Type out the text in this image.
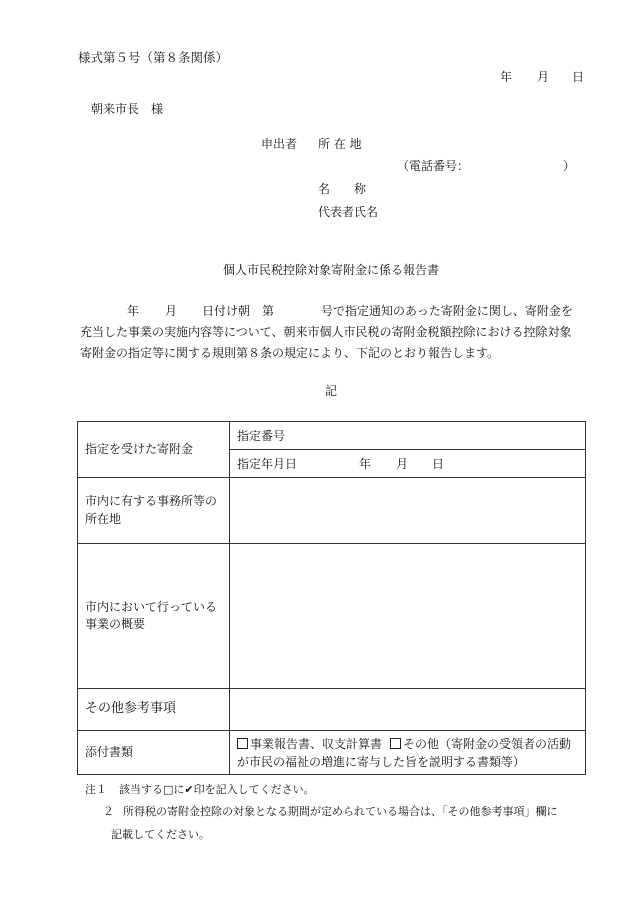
様式第５号（第８条関係）
年 月 日
朝来市長　様
申出者 所 在 地
（電話番号：	）
名　　称
代表者氏名
個人市民税控除対象寄附金に係る報告書
年 月 日付け朝　第	号で指定通知のあった寄附金に関し、寄附金を
充当した事業の実施内容等について、朝来市個人市民税の寄附金税額控除における控除対象
寄附金の指定等に関する規則第８条の規定により、下記のとおり報告します。
記
指定を受けた寄附金	指定番号
	指定年月日 年 月 日
市内に有する事務所等の所在地	
市内において行っている事業の概要	
その他参考事項	
添付書類	事業報告書、収支計算書 その他（寄附金の受領者の活動
が市民の福祉の増進に寄与した旨を説明する書類等）
注１ 該当する□に✔印を記入してください。
２ 所得税の寄附金控除の対象となる期間が定められている場合は、「その他参考事項」欄に
記載してください。
